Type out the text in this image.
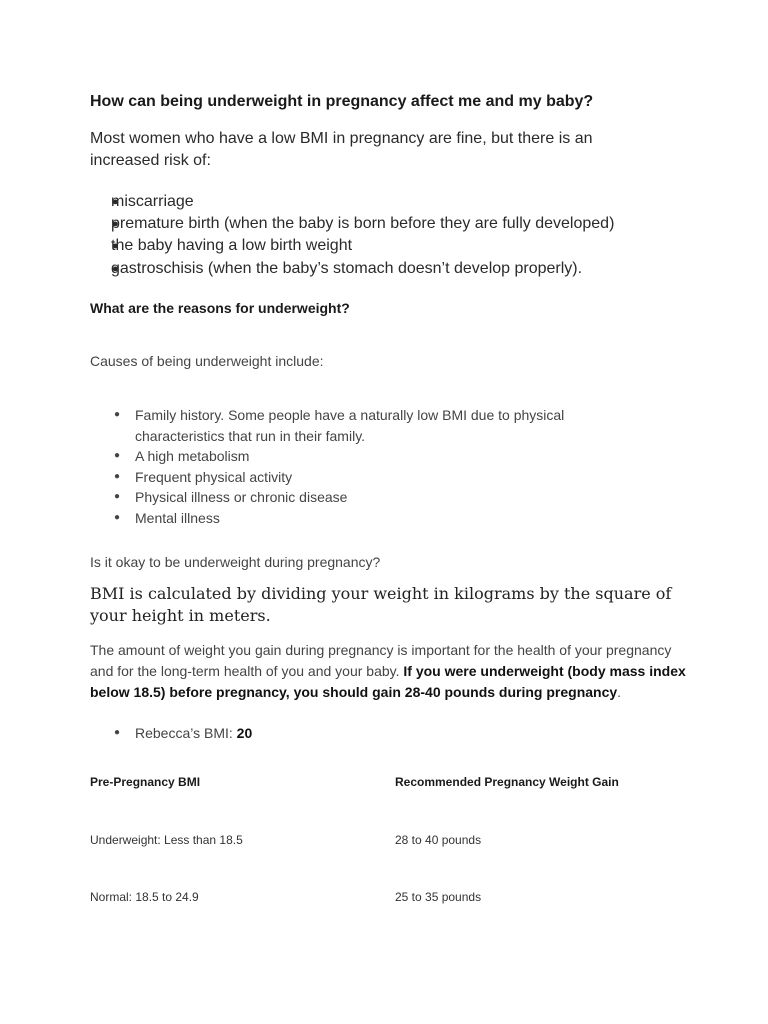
How can being underweight in pregnancy affect me and my baby?
Most women who have a low BMI in pregnancy are fine, but there is an increased risk of:
● miscarriage
● premature birth (when the baby is born before they are fully developed)
● the baby having a low birth weight
● gastroschisis (when the baby’s stomach doesn’t develop properly).
What are the reasons for underweight?
Causes of being underweight include:
● Family history. Some people have a naturally low BMI due to physical characteristics that run in their family.
● A high metabolism
● Frequent physical activity
● Physical illness or chronic disease
● Mental illness
Is it okay to be underweight during pregnancy?
BMI is calculated by dividing your weight in kilograms by the square of your height in meters.
The amount of weight you gain during pregnancy is important for the health of your pregnancy and for the long-term health of you and your baby. If you were underweight (body mass index below 18.5) before pregnancy, you should gain 28-40 pounds during pregnancy.
● Rebecca’s BMI: 20
Pre-Pregnancy BMI	Recommended Pregnancy Weight Gain
Underweight: Less than 18.5	28 to 40 pounds
Normal: 18.5 to 24.9	25 to 35 pounds
